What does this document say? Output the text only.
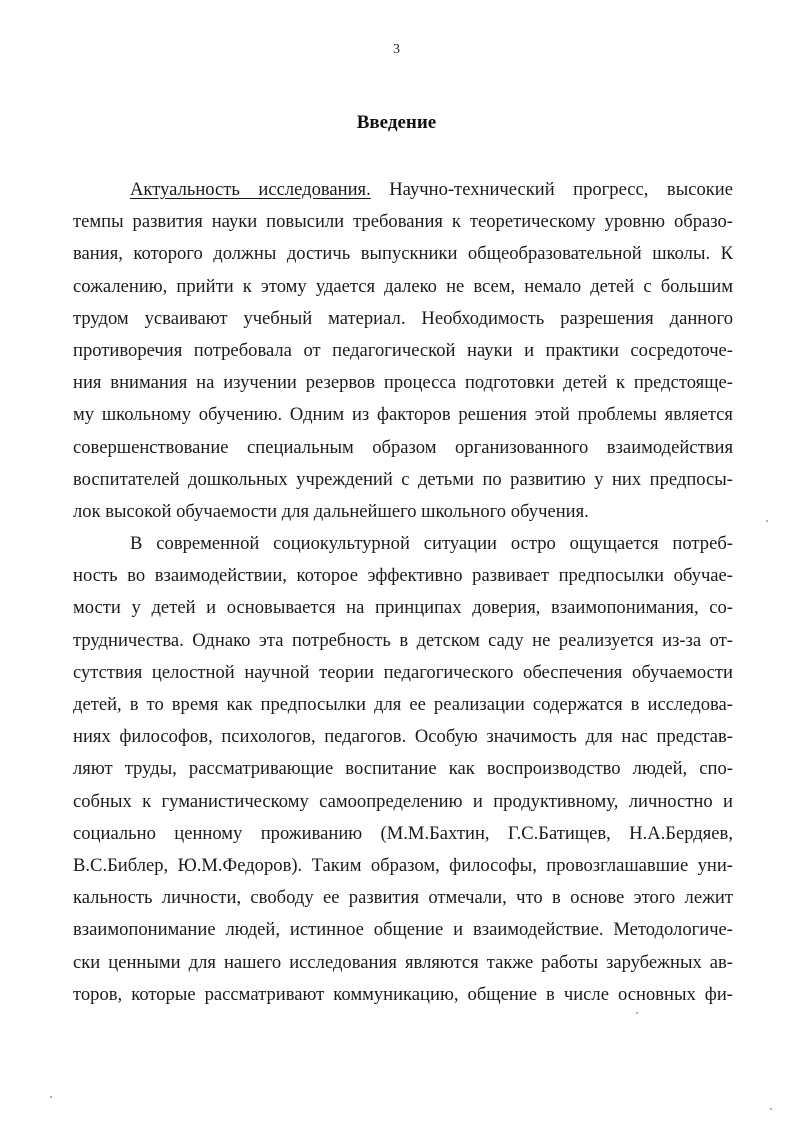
3
Введение
Актуальность исследования. Научно-технический прогресс, высокие
темпы развития науки повысили требования к теоретическому уровню образо-
вания, которого должны достичь выпускники общеобразовательной школы. К
сожалению, прийти к этому удается далеко не всем, немало детей с большим
трудом усваивают учебный материал. Необходимость разрешения данного
противоречия потребовала от педагогической науки и практики сосредоточе-
ния внимания на изучении резервов процесса подготовки детей к предстояще-
му школьному обучению. Одним из факторов решения этой проблемы является
совершенствование специальным образом организованного взаимодействия
воспитателей дошкольных учреждений с детьми по развитию у них предпосы-
лок высокой обучаемости для дальнейшего школьного обучения.
В современной социокультурной ситуации остро ощущается потреб-
ность во взаимодействии, которое эффективно развивает предпосылки обучае-
мости у детей и основывается на принципах доверия, взаимопонимания, со-
трудничества. Однако эта потребность в детском саду не реализуется из-за от-
сутствия целостной научной теории педагогического обеспечения обучаемости
детей, в то время как предпосылки для ее реализации содержатся в исследова-
ниях философов, психологов, педагогов. Особую значимость для нас представ-
ляют труды, рассматривающие воспитание как воспроизводство людей, спо-
собных к гуманистическому самоопределению и продуктивному, личностно и
социально ценному проживанию (М.М.Бахтин, Г.С.Батищев, Н.А.Бердяев,
В.С.Библер, Ю.М.Федоров). Таким образом, философы, провозглашавшие уни-
кальность личности, свободу ее развития отмечали, что в основе этого лежит
взаимопонимание людей, истинное общение и взаимодействие. Методологиче-
ски ценными для нашего исследования являются также работы зарубежных ав-
торов, которые рассматривают коммуникацию, общение в числе основных фи-
